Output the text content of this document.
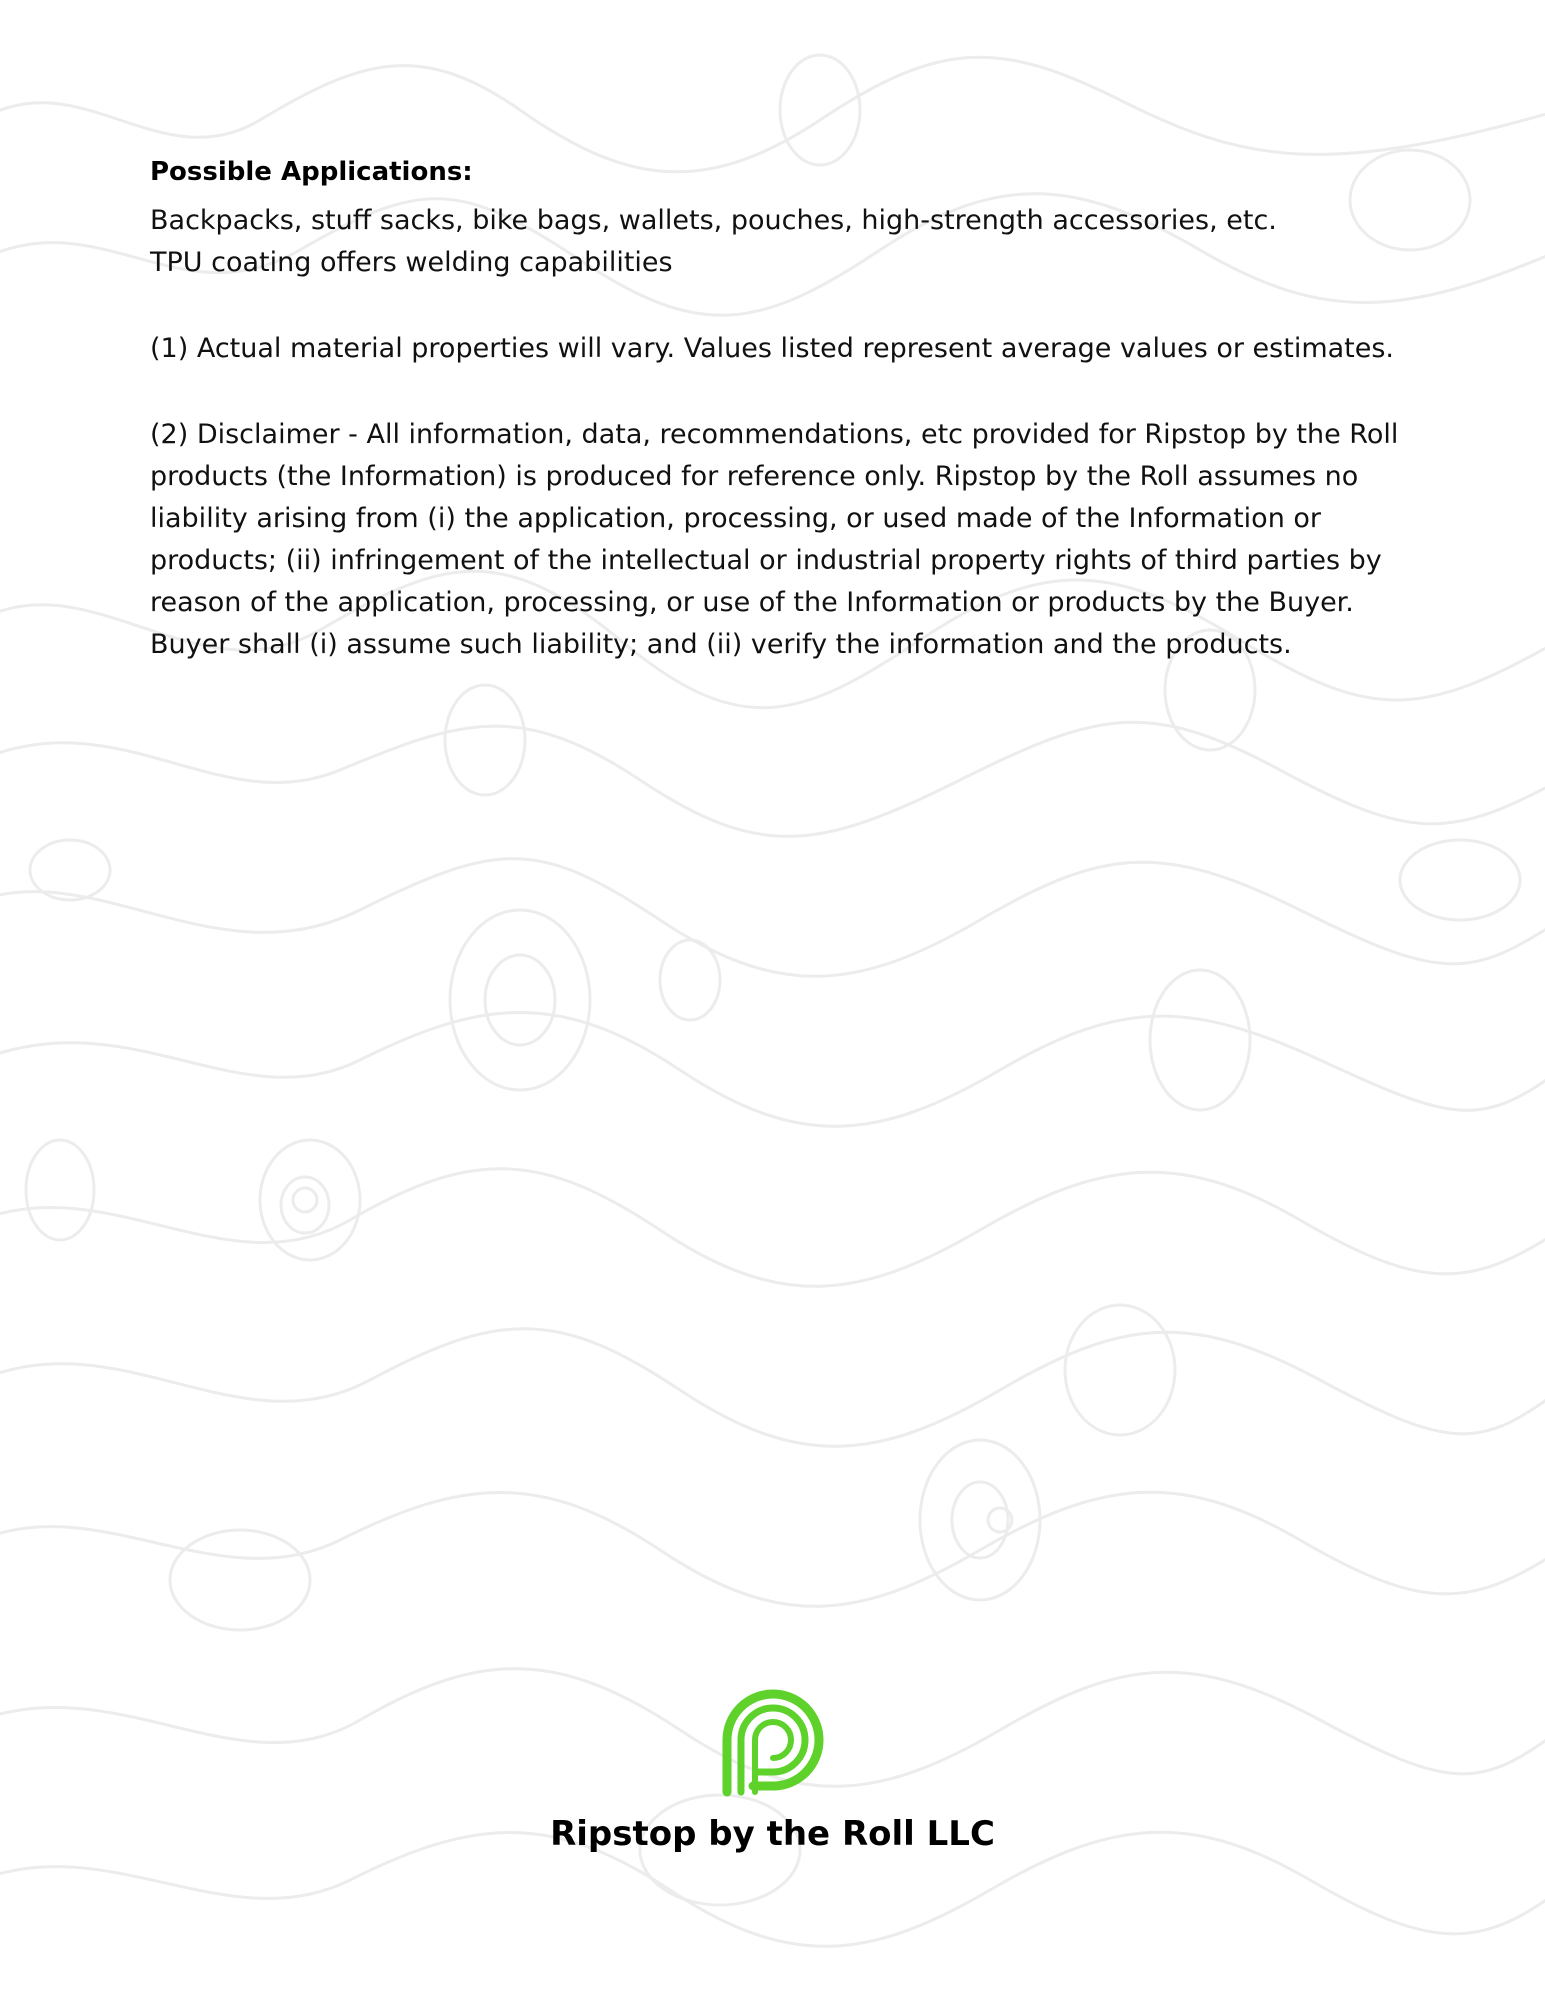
Possible Applications:

Backpacks, stuff sacks, bike bags, wallets, pouches, high-strength accessories, etc.

TPU coating offers welding capabilities

(1) Actual material properties will vary. Values listed represent average values or estimates.

(2) Disclaimer - All information, data, recommendations, etc provided for Ripstop by the Roll products (the Information) is produced for reference only. Ripstop by the Roll assumes no liability arising from (i) the application, processing, or used made of the Information or products; (ii) infringement of the intellectual or industrial property rights of third parties by reason of the application, processing, or use of the Information or products by the Buyer. Buyer shall (i) assume such liability; and (ii) verify the information and the products.

Ripstop by the Roll LLC
